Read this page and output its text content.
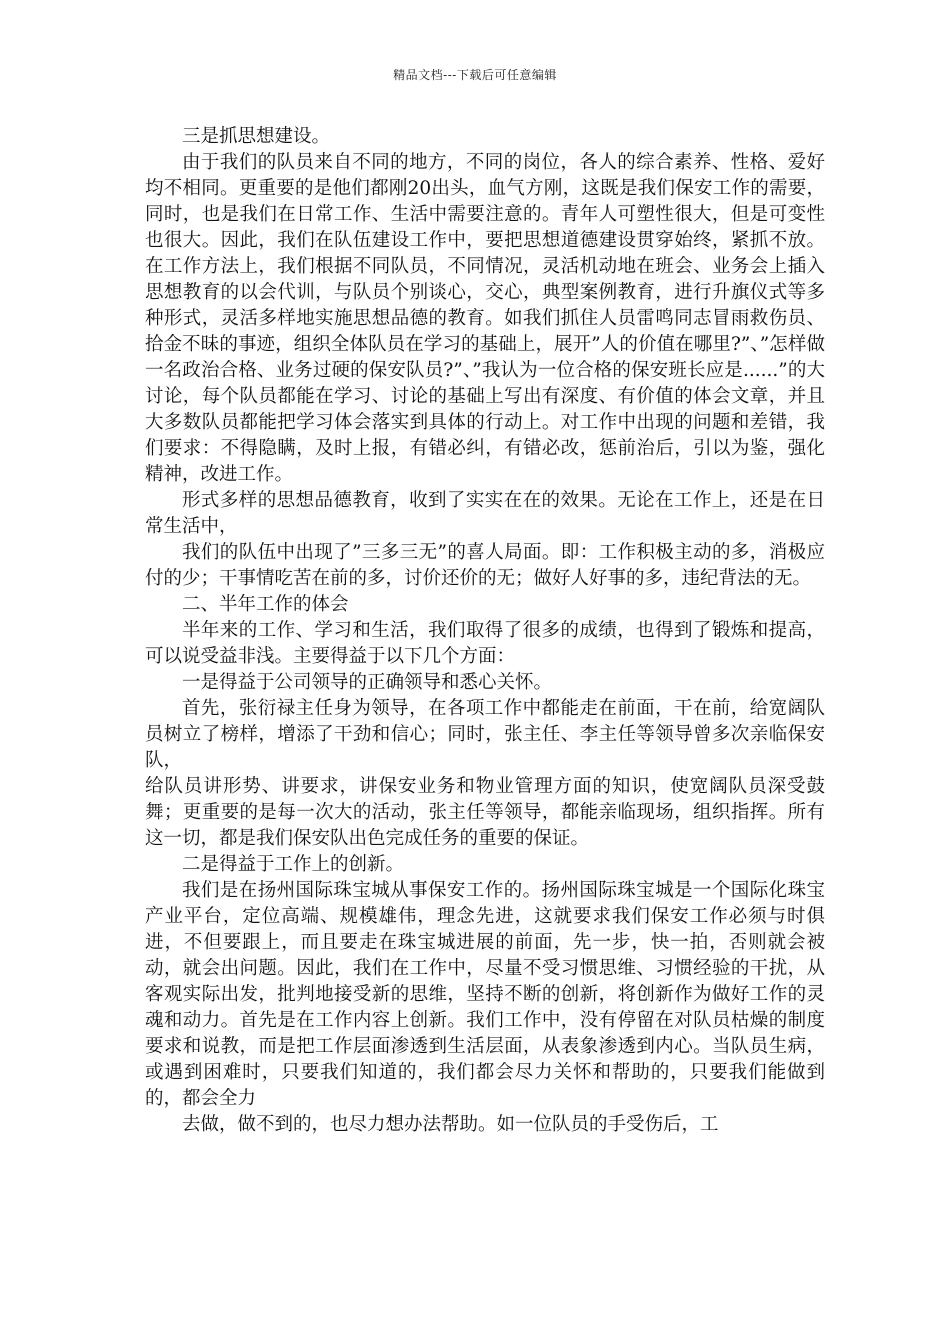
精品文档---下载后可任意编辑

三是抓思想建设。

由于我们的队员来自不同的地方，不同的岗位，各人的综合素养、性格、爱好均不相同。更重要的是他们都刚20出头，血气方刚，这既是我们保安工作的需要，同时，也是我们在日常工作、生活中需要注意的。青年人可塑性很大，但是可变性也很大。因此，我们在队伍建设工作中，要把思想道德建设贯穿始终，紧抓不放。在工作方法上，我们根据不同队员，不同情况，灵活机动地在班会、业务会上插入思想教育的以会代训，与队员个别谈心，交心，典型案例教育，进行升旗仪式等多种形式，灵活多样地实施思想品德的教育。如我们抓住人员雷鸣同志冒雨救伤员、拾金不昧的事迹，组织全体队员在学习的基础上，展开”人的价值在哪里?”、”怎样做一名政治合格、业务过硬的保安队员?”、”我认为一位合格的保安班长应是......”的大讨论，每个队员都能在学习、讨论的基础上写出有深度、有价值的体会文章，并且大多数队员都能把学习体会落实到具体的行动上。对工作中出现的问题和差错，我们要求：不得隐瞒，及时上报，有错必纠，有错必改，惩前治后，引以为鉴，强化精神，改进工作。

形式多样的思想品德教育，收到了实实在在的效果。无论在工作上，还是在日常生活中，

我们的队伍中出现了”三多三无”的喜人局面。即：工作积极主动的多，消极应付的少；干事情吃苦在前的多，讨价还价的无；做好人好事的多，违纪背法的无。

二、半年工作的体会

半年来的工作、学习和生活，我们取得了很多的成绩，也得到了锻炼和提高，可以说受益非浅。主要得益于以下几个方面：

一是得益于公司领导的正确领导和悉心关怀。

首先，张衍禄主任身为领导，在各项工作中都能走在前面，干在前，给宽阔队员树立了榜样，增添了干劲和信心；同时，张主任、李主任等领导曾多次亲临保安队，

给队员讲形势、讲要求，讲保安业务和物业管理方面的知识，使宽阔队员深受鼓舞；更重要的是每一次大的活动，张主任等领导，都能亲临现场，组织指挥。所有这一切，都是我们保安队出色完成任务的重要的保证。

二是得益于工作上的创新。

我们是在扬州国际珠宝城从事保安工作的。扬州国际珠宝城是一个国际化珠宝产业平台，定位高端、规模雄伟，理念先进，这就要求我们保安工作必须与时俱进，不但要跟上，而且要走在珠宝城进展的前面，先一步，快一拍，否则就会被动，就会出问题。因此，我们在工作中，尽量不受习惯思维、习惯经验的干扰，从客观实际出发，批判地接受新的思维，坚持不断的创新，将创新作为做好工作的灵魂和动力。首先是在工作内容上创新。我们工作中，没有停留在对队员枯燥的制度要求和说教，而是把工作层面渗透到生活层面，从表象渗透到内心。当队员生病，或遇到困难时，只要我们知道的，我们都会尽力关怀和帮助的，只要我们能做到的，都会全力

去做，做不到的，也尽力想办法帮助。如一位队员的手受伤后，工
